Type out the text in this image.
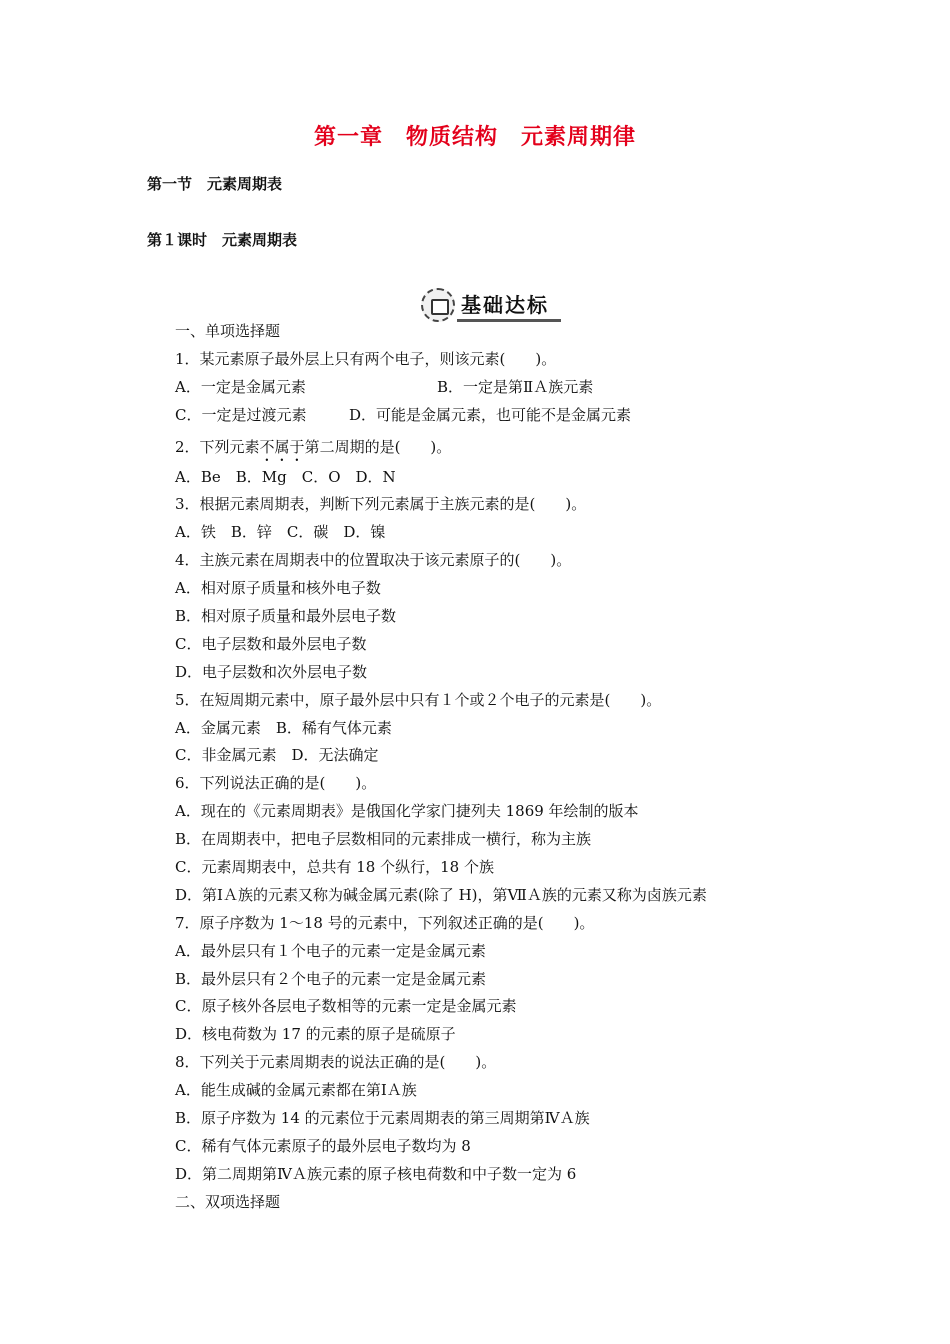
第一章　物质结构　元素周期律
第一节　元素周期表
第１课时　元素周期表
基础达标
一、单项选择题
1．某元素原子最外层上只有两个电子，则该元素(　　)。
A．一定是金属元素	B．一定是第ⅡＡ族元素
C．一定是过渡元素	D．可能是金属元素，也可能不是金属元素
2．下列元素不属于第二周期的是(　　)。
A．Be　B．Mg　C．O　D．N
3．根据元素周期表，判断下列元素属于主族元素的是(　　)。
A．铁　B．锌　C．碳　D．镍
4．主族元素在周期表中的位置取决于该元素原子的(　　)。
A．相对原子质量和核外电子数
B．相对原子质量和最外层电子数
C．电子层数和最外层电子数
D．电子层数和次外层电子数
5．在短周期元素中，原子最外层中只有１个或２个电子的元素是(　　)。
A．金属元素　B．稀有气体元素
C．非金属元素　D．无法确定
6．下列说法正确的是(　　)。
A．现在的《元素周期表》是俄国化学家门捷列夫 1869 年绘制的版本
B．在周期表中，把电子层数相同的元素排成一横行，称为主族
C．元素周期表中，总共有 18 个纵行，18 个族
D．第ⅠＡ族的元素又称为碱金属元素(除了 H)，第ⅦＡ族的元素又称为卤族元素
7．原子序数为 1～18 号的元素中，下列叙述正确的是(　　)。
A．最外层只有１个电子的元素一定是金属元素
B．最外层只有２个电子的元素一定是金属元素
C．原子核外各层电子数相等的元素一定是金属元素
D．核电荷数为 17 的元素的原子是硫原子
8．下列关于元素周期表的说法正确的是(　　)。
A．能生成碱的金属元素都在第ⅠＡ族
B．原子序数为 14 的元素位于元素周期表的第三周期第ⅣＡ族
C．稀有气体元素原子的最外层电子数均为 8
D．第二周期第ⅣＡ族元素的原子核电荷数和中子数一定为 6
二、双项选择题
